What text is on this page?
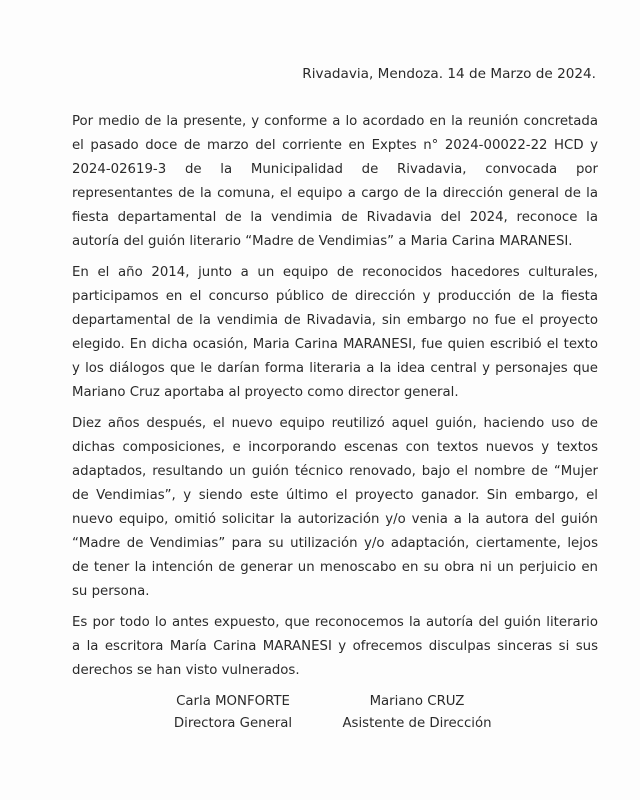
Rivadavia, Mendoza. 14 de Marzo de 2024.

Por medio de la presente, y conforme a lo acordado en la reunión concretada el pasado doce de marzo del corriente en Exptes n° 2024-00022-22 HCD y 2024-02619-3 de la Municipalidad de Rivadavia, convocada por representantes de la comuna, el equipo a cargo de la dirección general de la fiesta departamental de la vendimia de Rivadavia del 2024, reconoce la autoría del guión literario “Madre de Vendimias” a Maria Carina MARANESI.

En el año 2014, junto a un equipo de reconocidos hacedores culturales, participamos en el concurso público de dirección y producción de la fiesta departamental de la vendimia de Rivadavia, sin embargo no fue el proyecto elegido. En dicha ocasión, Maria Carina MARANESI, fue quien escribió el texto y los diálogos que le darían forma literaria a la idea central y personajes que Mariano Cruz aportaba al proyecto como director general.

Diez años después, el nuevo equipo reutilizó aquel guión, haciendo uso de dichas composiciones, e incorporando escenas con textos nuevos y textos adaptados, resultando un guión técnico renovado, bajo el nombre de “Mujer de Vendimias”, y siendo este último el proyecto ganador. Sin embargo, el nuevo equipo, omitió solicitar la autorización y/o venia a la autora del guión “Madre de Vendimias” para su utilización y/o adaptación, ciertamente, lejos de tener la intención de generar un menoscabo en su obra ni un perjuicio en su persona.

Es por todo lo antes expuesto, que reconocemos la autoría del guión literario a la escritora María Carina MARANESI y ofrecemos disculpas sinceras si sus derechos se han visto vulnerados.

Carla MONFORTE
Directora General
Mariano CRUZ
Asistente de Dirección
